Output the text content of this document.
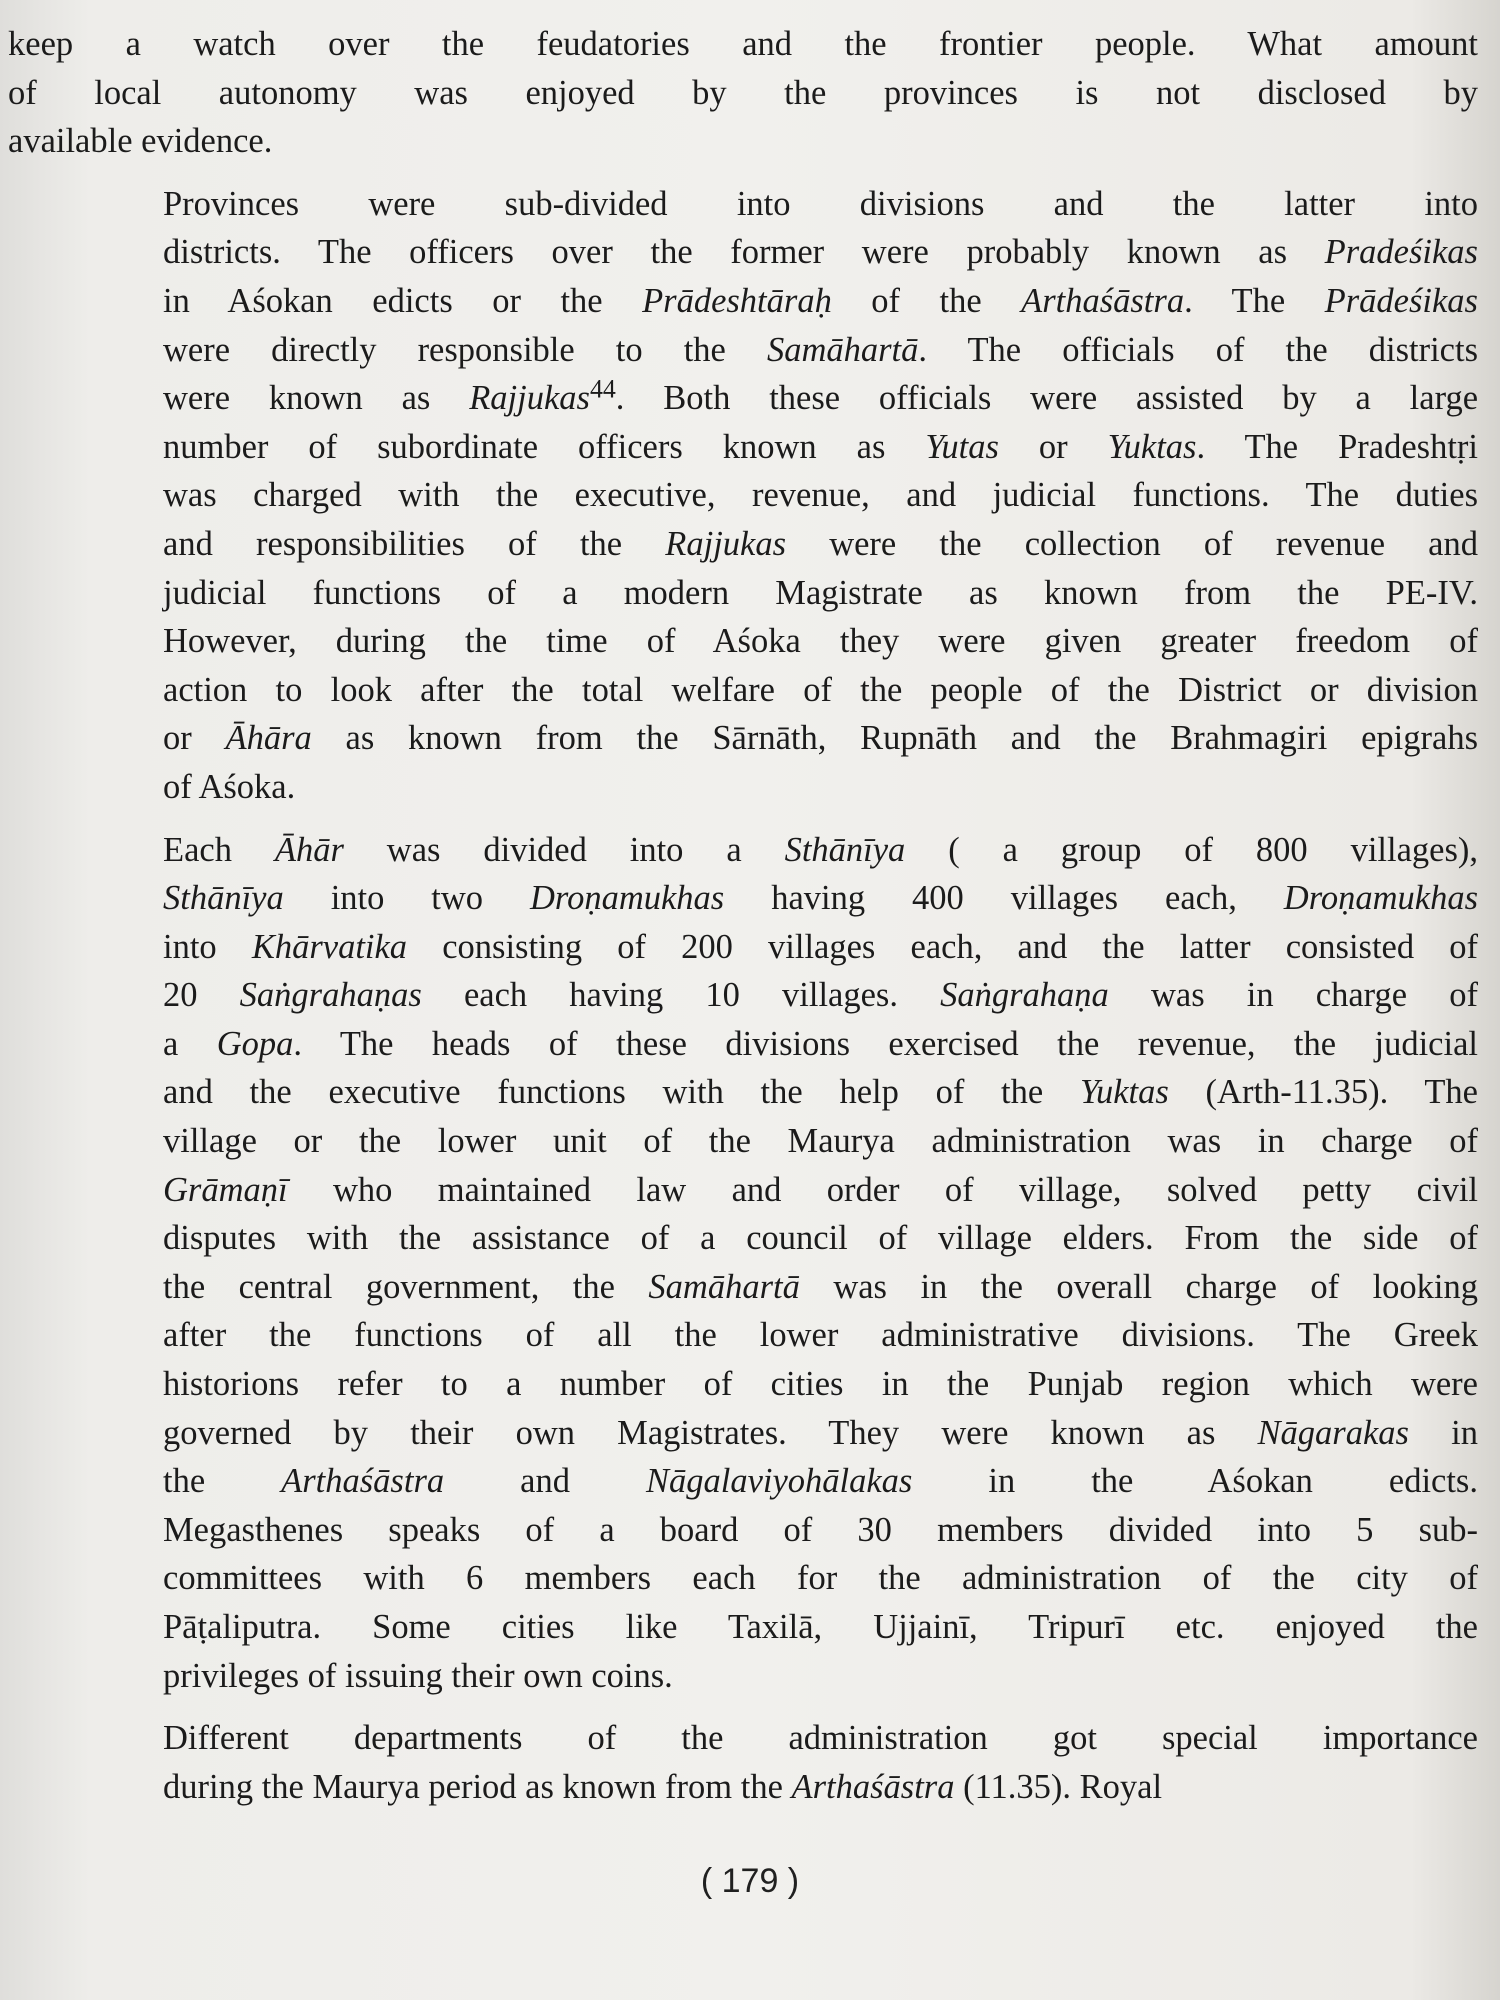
keep a watch over the feudatories and the frontier people. What amount
of local autonomy was enjoyed by the provinces is not disclosed by
available evidence.

Provinces were sub-divided into divisions and the latter into
districts. The officers over the former were probably known as Pradeśikas
in Aśokan edicts or the Prādeshtāraḥ of the Arthaśāstra. The Prādeśikas
were directly responsible to the Samāhartā. The officials of the districts
were known as Rajjukas$^{44}$. Both these officials were assisted by a large
number of subordinate officers known as Yutas or Yuktas. The Pradeshtṛi
was charged with the executive, revenue, and judicial functions. The duties
and responsibilities of the Rajjukas were the collection of revenue and
judicial functions of a modern Magistrate as known from the PE-IV.
However, during the time of Aśoka they were given greater freedom of
action to look after the total welfare of the people of the District or division
or Āhāra as known from the Sārnāth, Rupnāth and the Brahmagiri epigrahs
of Aśoka.

Each Āhār was divided into a Sthānīya ( a group of 800 villages),
Sthānīya into two Droṇamukhas having 400 villages each, Droṇamukhas
into Khārvatika consisting of 200 villages each, and the latter consisted of
20 Saṅgrahaṇas each having 10 villages. Saṅgrahaṇa was in charge of
a Gopa. The heads of these divisions exercised the revenue, the judicial
and the executive functions with the help of the Yuktas (Arth-11.35). The
village or the lower unit of the Maurya administration was in charge of
Grāmaṇī who maintained law and order of village, solved petty civil
disputes with the assistance of a council of village elders. From the side of
the central government, the Samāhartā was in the overall charge of looking
after the functions of all the lower administrative divisions. The Greek
historions refer to a number of cities in the Punjab region which were
governed by their own Magistrates. They were known as Nāgarakas in
the Arthaśāstra and Nāgalaviyohālakas in the Aśokan edicts.
Megasthenes speaks of a board of 30 members divided into 5 sub-
committees with 6 members each for the administration of the city of
Pāṭaliputra. Some cities like Taxilā, Ujjainī, Tripurī etc. enjoyed the
privileges of issuing their own coins.

Different departments of the administration got special importance
during the Maurya period as known from the Arthaśāstra (11.35). Royal

( 179 )
